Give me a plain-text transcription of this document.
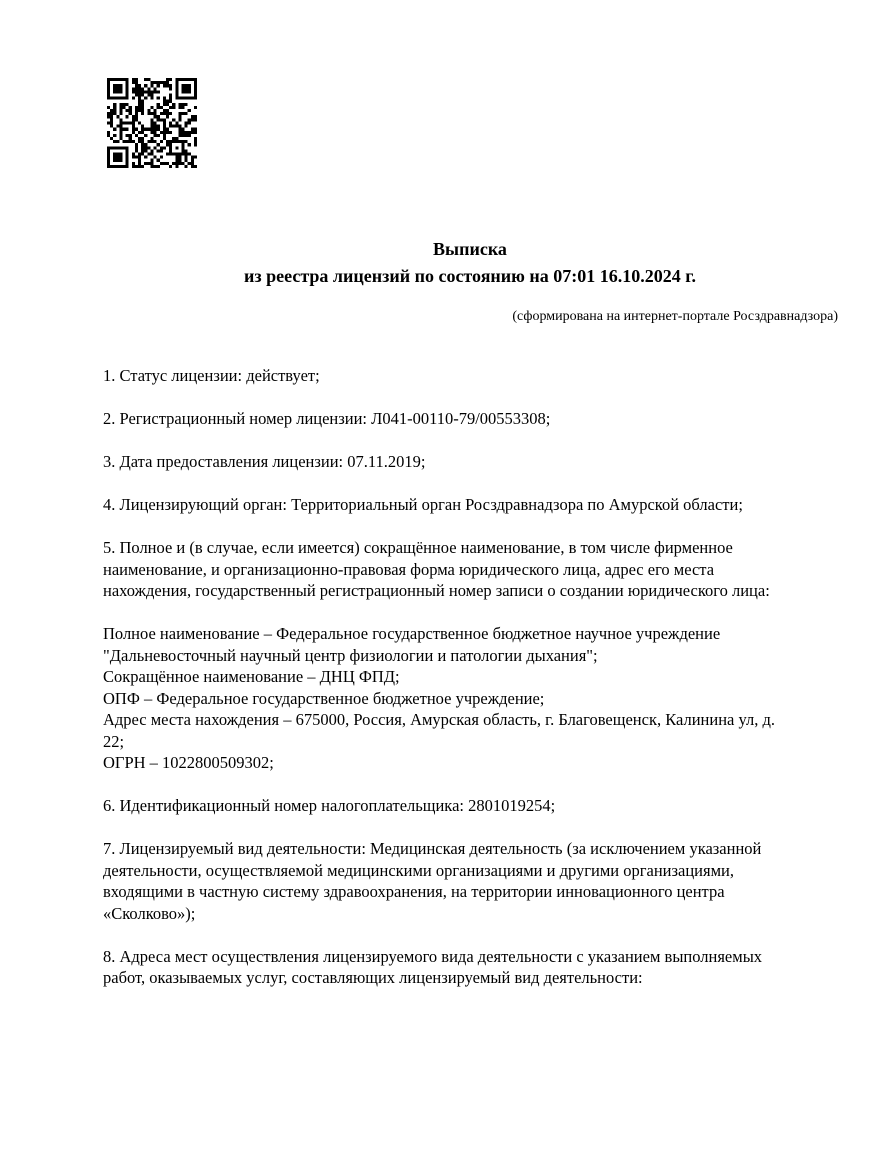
Выписка
из реестра лицензий по состоянию на 07:01 16.10.2024 г.
(сформирована на интернет-портале Росздравнадзора)
1. Статус лицензии: действует;
2. Регистрационный номер лицензии: Л041-00110-79/00553308;
3. Дата предоставления лицензии: 07.11.2019;
4. Лицензирующий орган: Территориальный орган Росздравнадзора по Амурской области;
5. Полное и (в случае, если имеется) сокращённое наименование, в том числе фирменное
наименование, и организационно-правовая форма юридического лица, адрес его места
нахождения, государственный регистрационный номер записи о создании юридического лица:
Полное наименование – Федеральное государственное бюджетное научное учреждение
"Дальневосточный научный центр физиологии и патологии дыхания";
Сокращённое наименование – ДНЦ ФПД;
ОПФ – Федеральное государственное бюджетное учреждение;
Адрес места нахождения – 675000, Россия, Амурская область, г. Благовещенск, Калинина ул, д.
22;
ОГРН – 1022800509302;
6. Идентификационный номер налогоплательщика: 2801019254;
7. Лицензируемый вид деятельности: Медицинская деятельность (за исключением указанной
деятельности, осуществляемой медицинскими организациями и другими организациями,
входящими в частную систему здравоохранения, на территории инновационного центра
«Сколково»);
8. Адреса мест осуществления лицензируемого вида деятельности с указанием выполняемых
работ, оказываемых услуг, составляющих лицензируемый вид деятельности:
